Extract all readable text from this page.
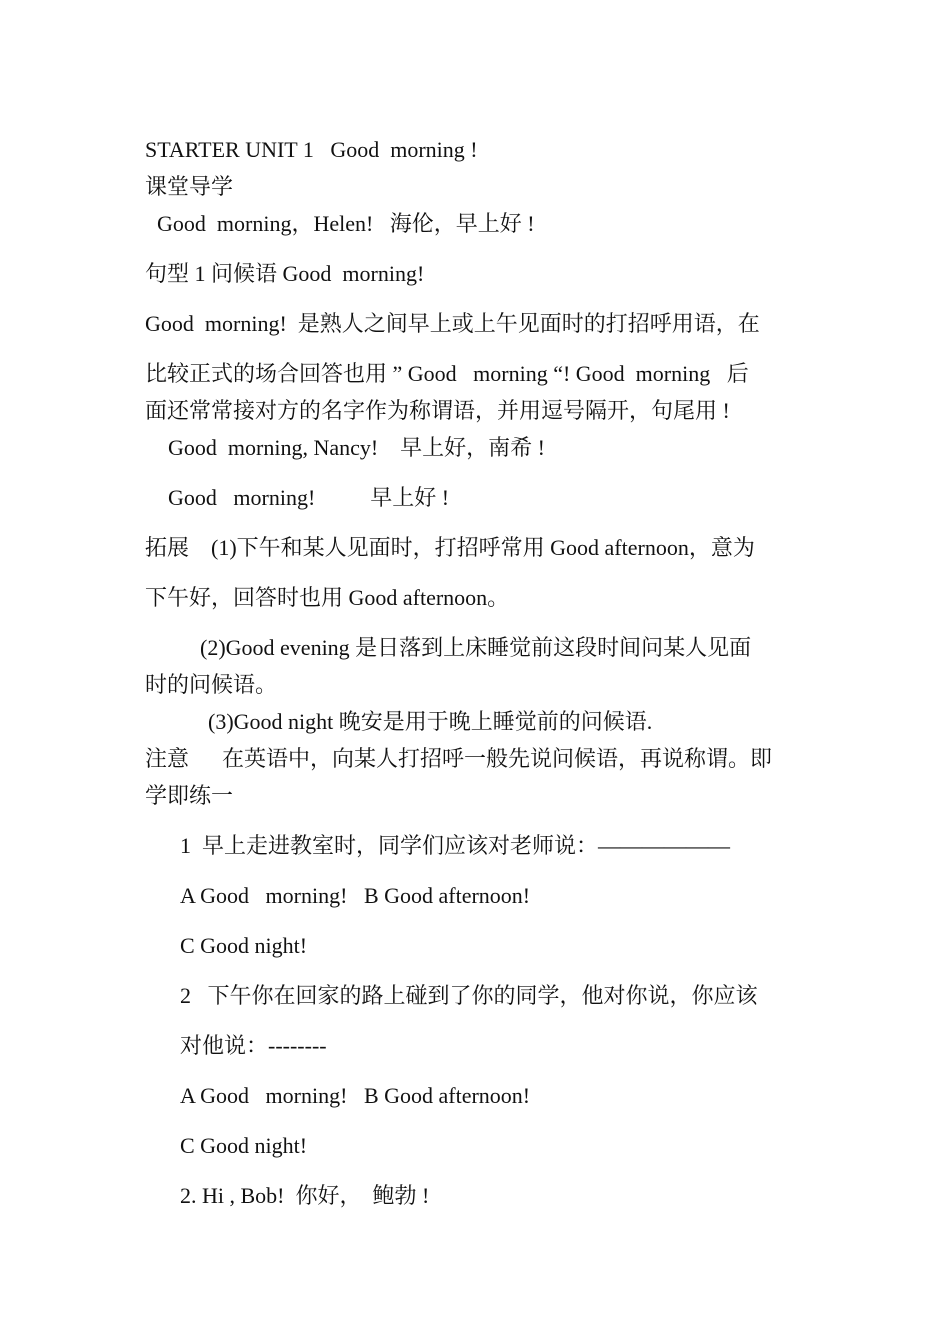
STARTER UNIT 1   Good  morning !

课堂导学

Good  morning，Helen!   海伦，早上好 !

句型 1 问候语 Good  morning!

Good  morning!  是熟人之间早上或上午见面时的打招呼用语，在

比较正式的场合回答也用 ” Good   morning “! Good  morning   后

面还常常接对方的名字作为称谓语，并用逗号隔开，句尾用 !

Good  morning, Nancy!    早上好，南希 !

Good   morning!          早上好 !

拓展    (1)下午和某人见面时，打招呼常用 Good afternoon，意为

下午好，回答时也用 Good afternoon。

(2)Good evening 是日落到上床睡觉前这段时间问某人见面

时的问候语。

(3)Good night 晚安是用于晚上睡觉前的问候语.

注意      在英语中，向某人打招呼一般先说问候语，再说称谓。即

学即练一

1  早上走进教室时，同学们应该对老师说：——————

A Good   morning!   B Good afternoon!

C Good night!

2   下午你在回家的路上碰到了你的同学，他对你说，你应该

对他说：--------

A Good   morning!   B Good afternoon!

C Good night!

2. Hi , Bob!  你好，  鲍勃 !
